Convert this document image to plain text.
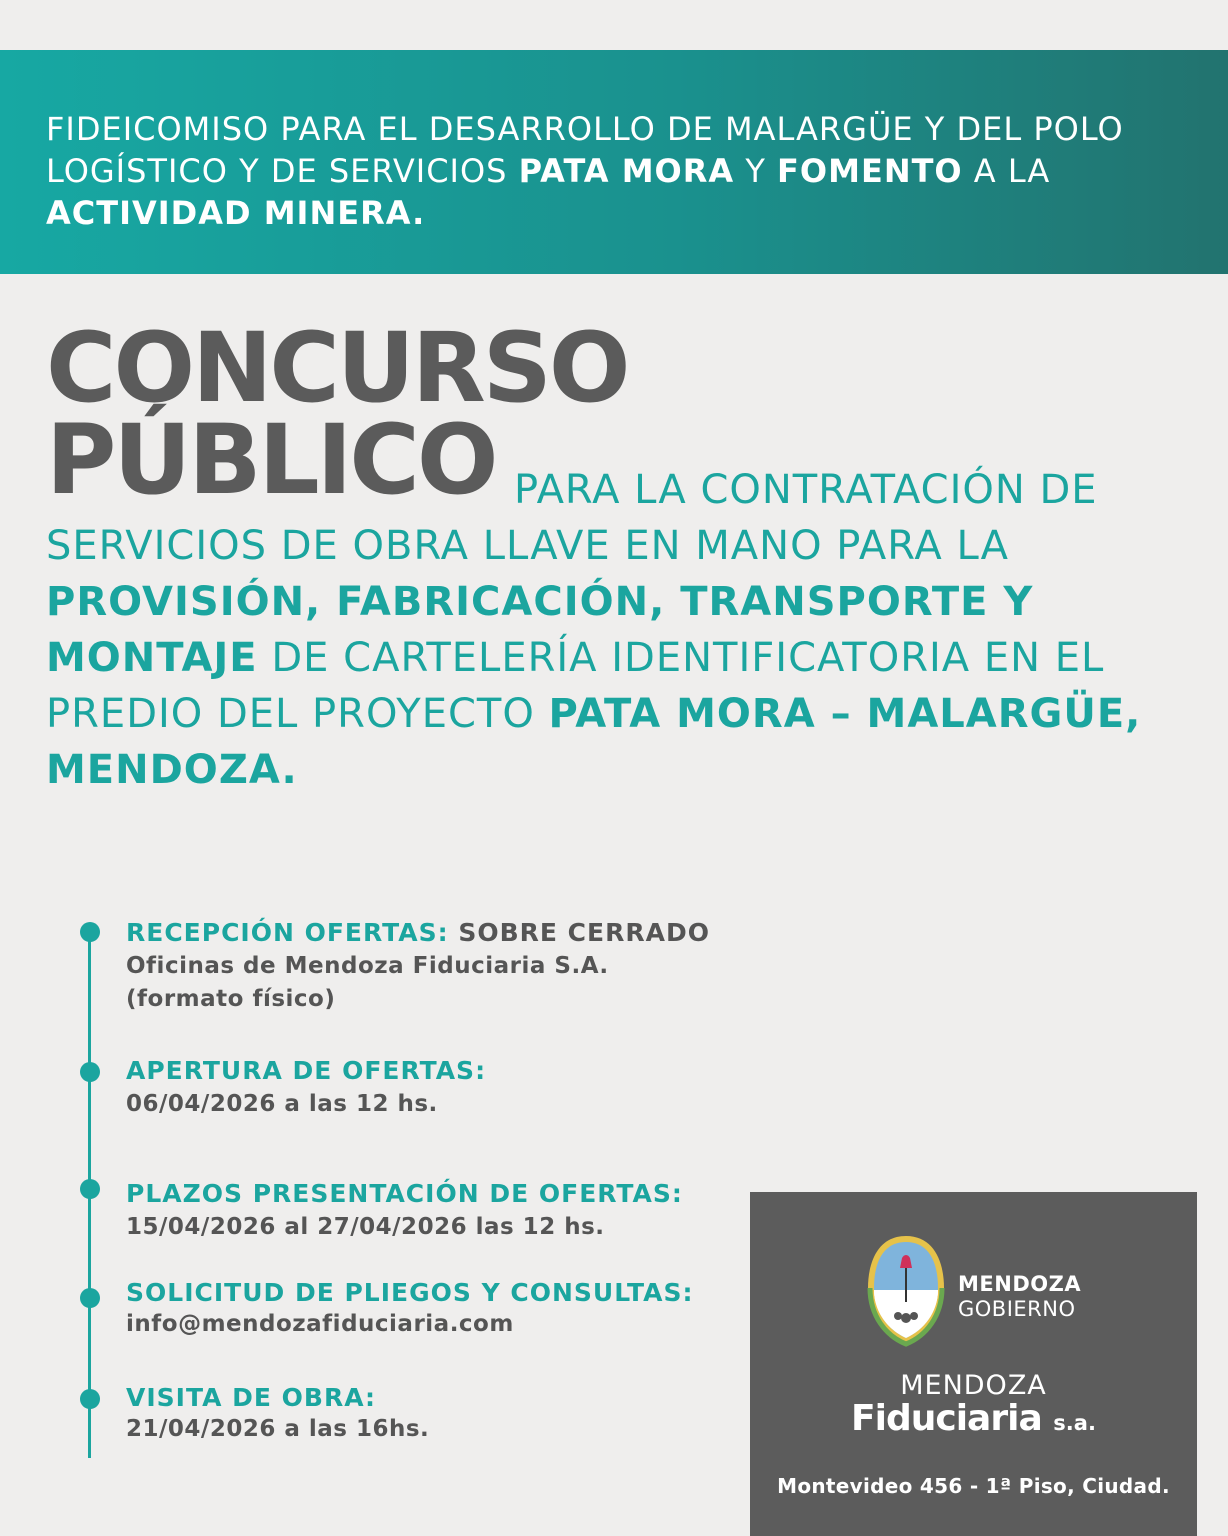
FIDEICOMISO PARA EL DESARROLLO DE MALARGÜE Y DEL POLO LOGÍSTICO Y DE SERVICIOS PATA MORA Y FOMENTO A LA ACTIVIDAD MINERA.
CONCURSO
PÚBLICO PARA LA CONTRATACIÓN DE SERVICIOS DE OBRA LLAVE EN MANO PARA LA PROVISIÓN, FABRICACIÓN, TRANSPORTE Y MONTAJE DE CARTELERÍA IDENTIFICATORIA EN EL PREDIO DEL PROYECTO PATA MORA – MALARGÜE, MENDOZA.
RECEPCIÓN OFERTAS: SOBRE CERRADO
Oficinas de Mendoza Fiduciaria S.A.
(formato físico)
APERTURA DE OFERTAS:
06/04/2026 a las 12 hs.
PLAZOS PRESENTACIÓN DE OFERTAS:
15/04/2026 al 27/04/2026 las 12 hs.
SOLICITUD DE PLIEGOS Y CONSULTAS:
info@mendozafiduciaria.com
VISITA DE OBRA:
21/04/2026 a las 16hs.
MENDOZA
GOBIERNO
MENDOZA
Fiduciaria s.a.
Montevideo 456 - 1ª Piso, Ciudad.
